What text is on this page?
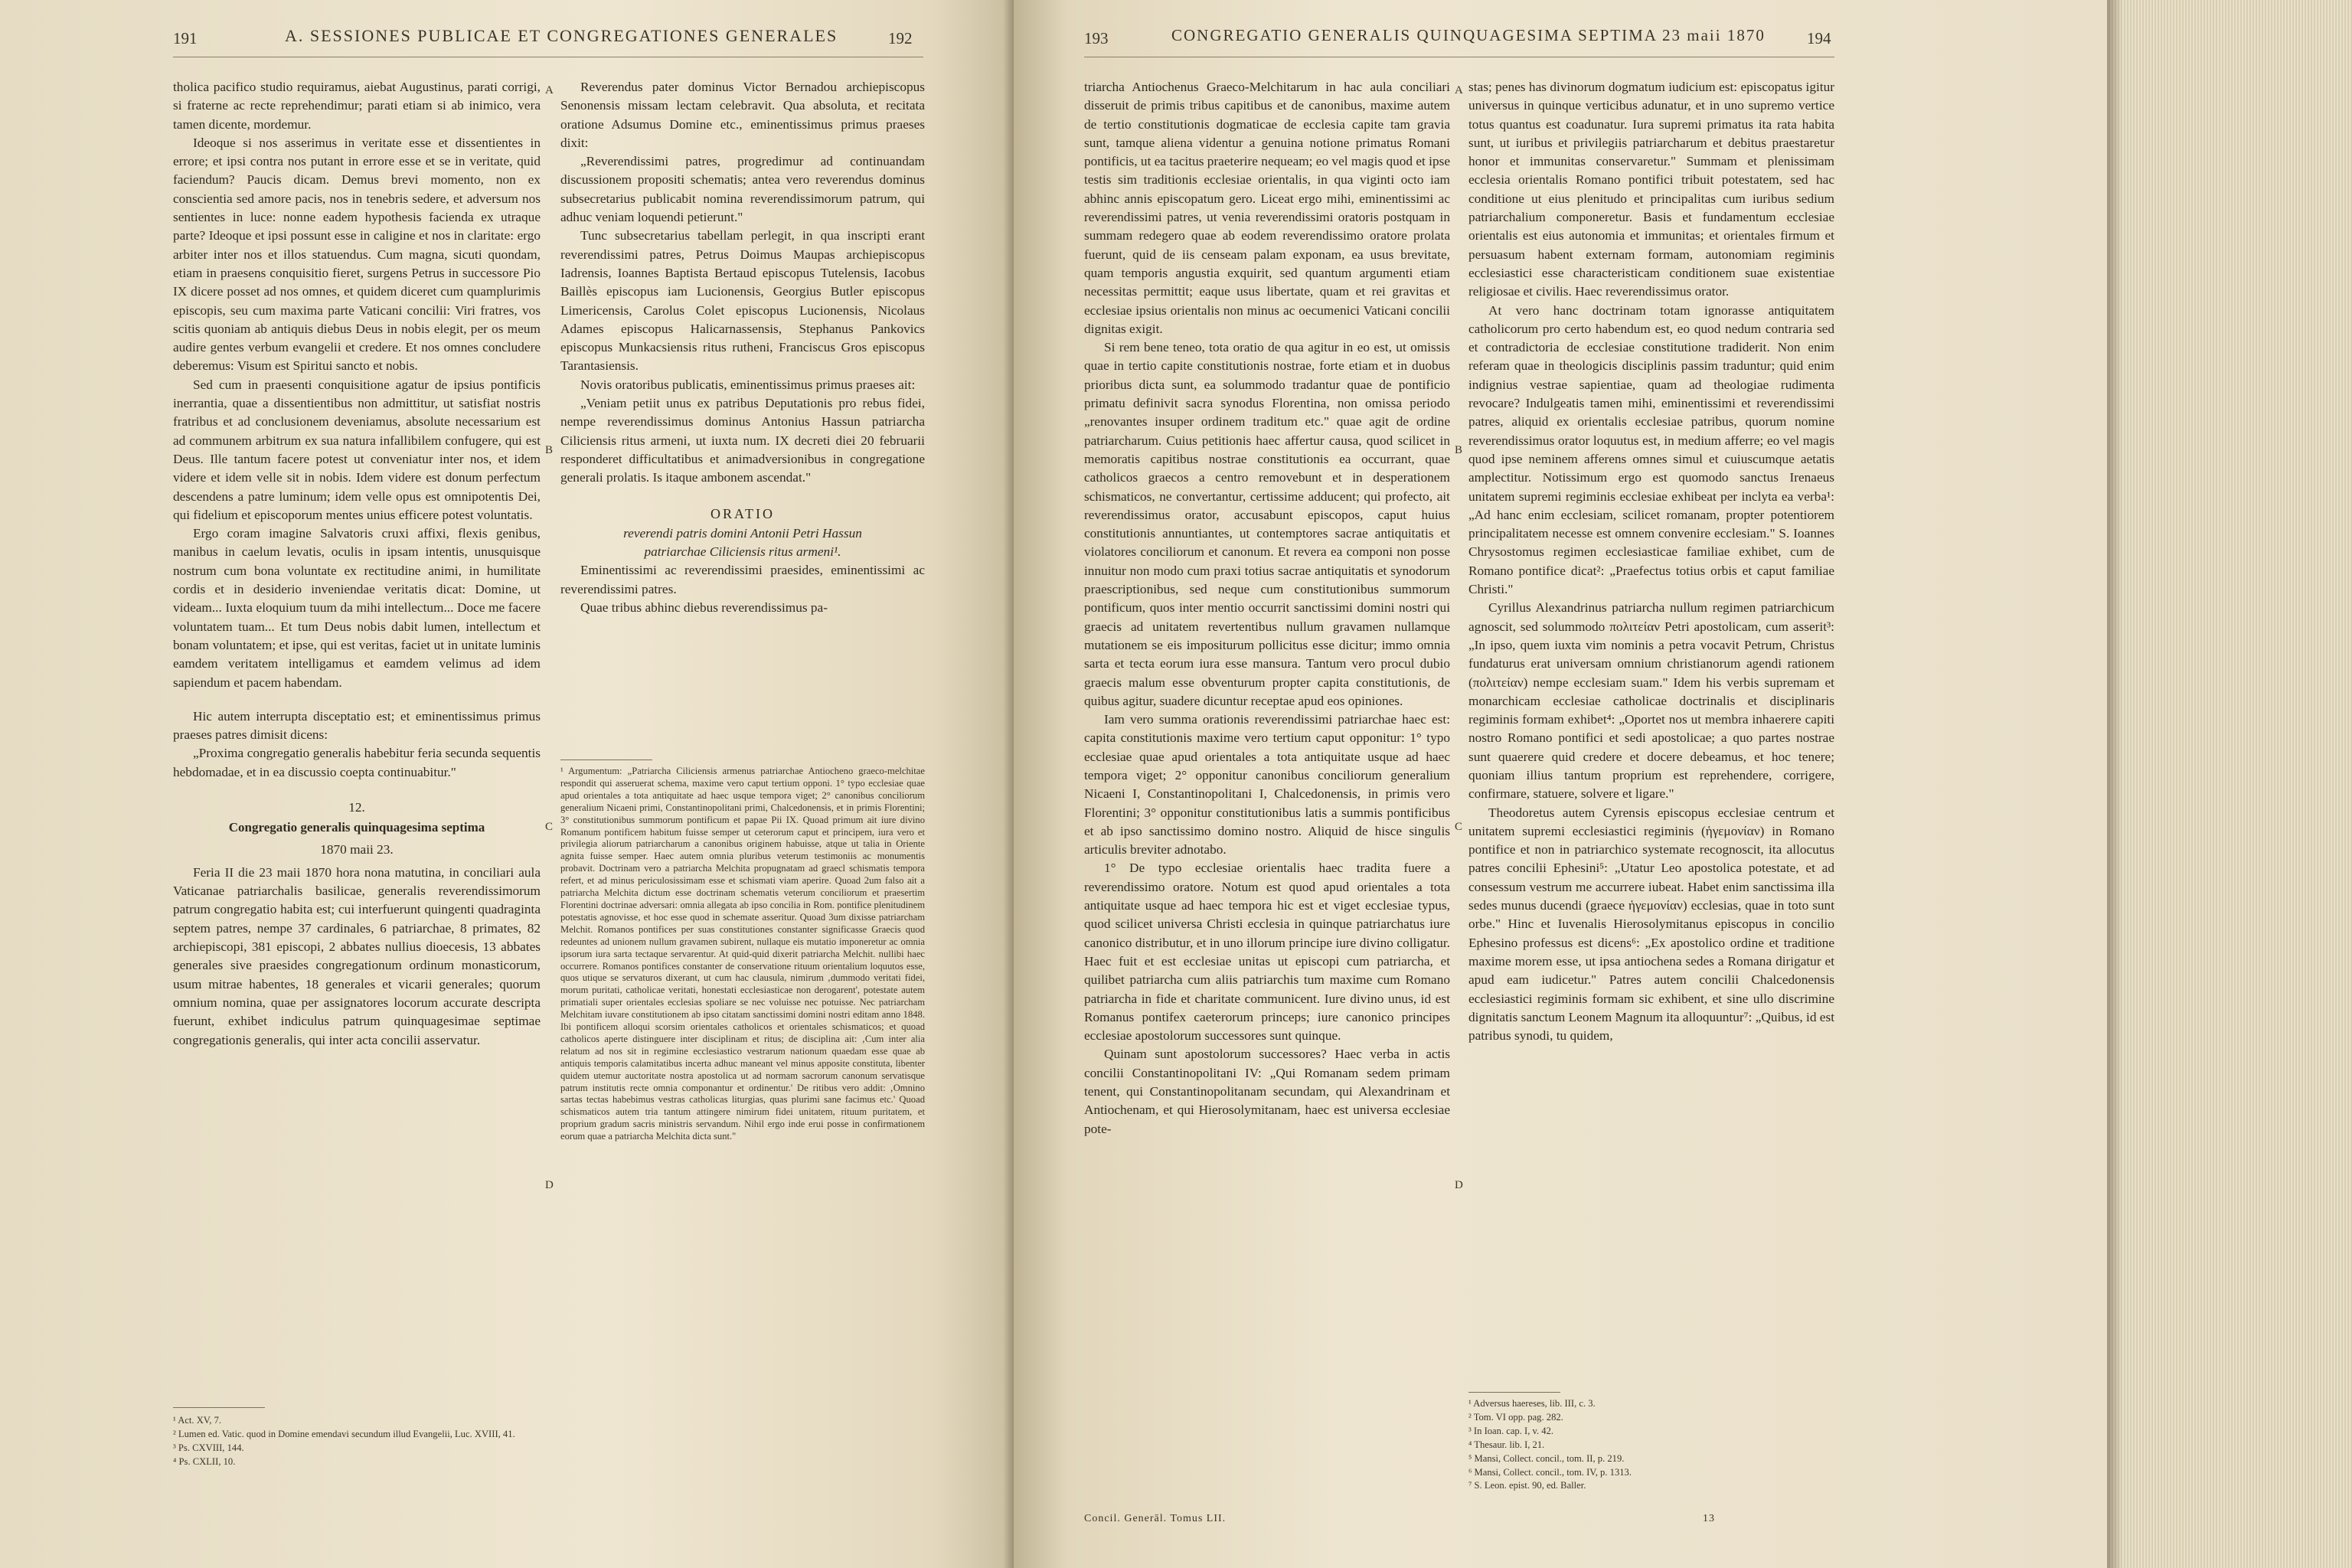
191	A. SESSIONES PUBLICAE ET CONGREGATIONES GENERALES	192

tholica pacifico studio requiramus, aiebat Augustinus, parati corrigi, si fraterne ac recte reprehendimur; parati etiam si ab inimico, vera tamen dicente, mordemur.

Ideoque si nos asserimus in veritate esse et dissentientes in errore; et ipsi contra nos putant in errore esse et se in veritate, quid faciendum? Paucis dicam. Demus brevi momento, non ex conscientia sed amore pacis, nos in tenebris sedere, et adversum nos sentientes in luce: nonne eadem hypothesis facienda ex utraque parte? Ideoque et ipsi possunt esse in caligine et nos in claritate: ergo arbiter inter nos et illos statuendus. Cum magna, sicuti quondam, etiam in praesens conquisitio fieret, surgens Petrus in successore Pio IX dicere posset ad nos omnes, et quidem diceret cum quamplurimis episcopis, seu cum maxima parte Vaticani concilii: Viri fratres, vos scitis quoniam ab antiquis diebus Deus in nobis elegit, per os meum audire gentes verbum evangelii et credere. Et nos omnes concludere deberemus: Visum est Spiritui sancto et nobis.

Sed cum in praesenti conquisitione agatur de ipsius pontificis inerrantia, quae a dissentientibus non admittitur, ut satisfiat nostris fratribus et ad conclusionem deveniamus, absolute necessarium est ad communem arbitrum ex sua natura infallibilem confugere, qui est Deus. Ille tantum facere potest ut conveniatur inter nos, et idem videre et idem velle sit in nobis. Idem videre est donum perfectum descendens a patre luminum; idem velle opus est omnipotentis Dei, qui fidelium et episcoporum mentes unius efficere potest voluntatis.

Ergo coram imagine Salvatoris cruxi affixi, flexis genibus, manibus in caelum levatis, oculis in ipsam intentis, unusquisque nostrum cum bona voluntate ex rectitudine animi, in humilitate cordis et in desiderio inveniendae veritatis dicat: Domine, ut videam... Iuxta eloquium tuum da mihi intellectum... Doce me facere voluntatem tuam... Et tum Deus nobis dabit lumen, intellectum et bonam voluntatem; et ipse, qui est veritas, faciet ut in unitate luminis eamdem veritatem intelligamus et eamdem velimus ad idem sapiendum et pacem habendam.

Hic autem interrupta disceptatio est; et eminentissimus primus praeses patres dimisit dicens:

„Proxima congregatio generalis habebitur feria secunda sequentis hebdomadae, et in ea discussio coepta continuabitur."

12.

Congregatio generalis quinquagesima septima

1870 maii 23.

Feria II die 23 maii 1870 hora nona matutina, in conciliari aula Vaticanae patriarchalis basilicae, generalis reverendissimorum patrum congregatio habita est; cui interfuerunt quingenti quadraginta septem patres, nempe 37 cardinales, 6 patriarchae, 8 primates, 82 archiepiscopi, 381 episcopi, 2 abbates nullius dioecesis, 13 abbates generales sive praesides congregationum ordinum monasticorum, usum mitrae habentes, 18 generales et vicarii generales; quorum omnium nomina, quae per assignatores locorum accurate descripta fuerunt, exhibet indiculus patrum quinquagesimae septimae congregationis generalis, qui inter acta concilii asservatur.

¹ Act. XV, 7.

² Lumen ed. Vatic. quod in Domine emendavi secundum illud Evangelii, Luc. XVIII, 41.

³ Ps. CXVIII, 144.

⁴ Ps. CXLII, 10.

A
B
C
D

Reverendus pater dominus Victor Bernadou archiepiscopus Senonensis missam lectam celebravit. Qua absoluta, et recitata oratione Adsumus Domine etc., eminentissimus primus praeses dixit:

„Reverendissimi patres, progredimur ad continuandam discussionem propositi schematis; antea vero reverendus dominus subsecretarius publicabit nomina reverendissimorum patrum, qui adhuc veniam loquendi petierunt."

Tunc subsecretarius tabellam perlegit, in qua inscripti erant reverendissimi patres, Petrus Doimus Maupas archiepiscopus Iadrensis, Ioannes Baptista Bertaud episcopus Tutelensis, Iacobus Baillès episcopus iam Lucionensis, Georgius Butler episcopus Limericensis, Carolus Colet episcopus Lucionensis, Nicolaus Adames episcopus Halicarnassensis, Stephanus Pankovics episcopus Munkacsiensis ritus rutheni, Franciscus Gros episcopus Tarantasiensis.

Novis oratoribus publicatis, eminentissimus primus praeses ait:

„Veniam petiit unus ex patribus Deputationis pro rebus fidei, nempe reverendissimus dominus Antonius Hassun patriarcha Ciliciensis ritus armeni, ut iuxta num. IX decreti diei 20 februarii responderet difficultatibus et animadversionibus in congregatione generali prolatis. Is itaque ambonem ascendat."

ORATIO

reverendi patris domini Antonii Petri Hassun

patriarchae Ciliciensis ritus armeni¹.

Eminentissimi ac reverendissimi praesides, eminentissimi ac reverendissimi patres.

Quae tribus abhinc diebus reverendissimus pa-

¹ Argumentum: „Patriarcha Ciliciensis armenus patriarchae Antiocheno graeco-melchitae respondit qui asseruerat schema, maxime vero caput tertium opponi. 1° typo ecclesiae quae apud orientales a tota antiquitate ad haec usque tempora viget; 2° canonibus conciliorum generalium Nicaeni primi, Constantinopolitani primi, Chalcedonensis, et in primis Florentini; 3° constitutionibus summorum pontificum et papae Pii IX. Quoad primum ait iure divino Romanum pontificem habitum fuisse semper ut ceterorum caput et principem, iura vero et privilegia aliorum patriarcharum a canonibus originem habuisse, atque ut talia in Oriente agnita fuisse semper. Haec autem omnia pluribus veterum testimoniis ac monumentis probavit. Doctrinam vero a patriarcha Melchita propugnatam ad graecl schismatis tempora refert, et ad minus periculosissimam esse et schismati viam aperire. Quoad 2um falso ait a patriarcha Melchita dictum esse doctrinam schematis veterum conciliorum et praesertim Florentini doctrinae adversari: omnia allegata ab ipso concilia in Rom. pontifice plenitudinem potestatis agnovisse, et hoc esse quod in schemate asseritur. Quoad 3um dixisse patriarcham Melchit. Romanos pontifices per suas constitutiones constanter significasse Graecis quod redeuntes ad unionem nullum gravamen subirent, nullaque eis mutatio imponeretur ac omnia ipsorum iura sarta tectaque servarentur. At quid-quid dixerit patriarcha Melchit. nullibi haec occurrere. Romanos pontifices constanter de conservatione rituum orientalium loquutos esse, quos utique se servaturos dixerant, ut cum hac clausula, nimirum ‚dummodo veritati fidei, morum puritati, catholicae veritati, honestati ecclesiasticae non derogarent', potestate autem primatiali super orientales ecclesias spoliare se nec voluisse nec potuisse. Nec patriarcham Melchitam iuvare constitutionem ab ipso citatam sanctissimi domini nostri editam anno 1848. Ibi pontificem alloqui scorsim orientales catholicos et orientales schismaticos; et quoad catholicos aperte distinguere inter disciplinam et ritus; de disciplina ait: ‚Cum inter alia relatum ad nos sit in regimine ecclesiastico vestrarum nationum quaedam esse quae ab antiquis temporis calamitatibus incerta adhuc maneant vel minus apposite constituta, libenter quidem utemur auctoritate nostra apostolica ut ad normam sacrorum canonum servatisque patrum institutis recte omnia componantur et ordinentur.' De ritibus vero addit: ‚Omnino sartas tectas habebimus vestras catholicas liturgias, quas plurimi sane facimus etc.' Quoad schismaticos autem tria tantum attingere nimirum fidei unitatem, rituum puritatem, et proprium gradum sacris ministris servandum. Nihil ergo inde erui posse in confirmationem eorum quae a patriarcha Melchita dicta sunt."

193	CONGREGATIO GENERALIS QUINQUAGESIMA SEPTIMA 23 maii 1870	194

triarcha Antiochenus Graeco-Melchitarum in hac aula conciliari disseruit de primis tribus capitibus et de canonibus, maxime autem de tertio constitutionis dogmaticae de ecclesia capite tam gravia sunt, tamque aliena videntur a genuina notione primatus Romani pontificis, ut ea tacitus praeterire nequeam; eo vel magis quod et ipse testis sim traditionis ecclesiae orientalis, in qua viginti octo iam abhinc annis episcopatum gero. Liceat ergo mihi, eminentissimi ac reverendissimi patres, ut venia reverendissimi oratoris postquam in summam redegero quae ab eodem reverendissimo oratore prolata fuerunt, quid de iis censeam palam exponam, ea usus brevitate, quam temporis angustia exquirit, sed quantum argumenti etiam necessitas permittit; eaque usus libertate, quam et rei gravitas et ecclesiae ipsius orientalis non minus ac oecumenici Vaticani concilii dignitas exigit.

Si rem bene teneo, tota oratio de qua agitur in eo est, ut omissis quae in tertio capite constitutionis nostrae, forte etiam et in duobus prioribus dicta sunt, ea solummodo tradantur quae de pontificio primatu definivit sacra synodus Florentina, non omissa periodo „renovantes insuper ordinem traditum etc." quae agit de ordine patriarcharum. Cuius petitionis haec affertur causa, quod scilicet in memoratis capitibus nostrae constitutionis ea occurrant, quae catholicos graecos a centro removebunt et in desperationem schismaticos, ne convertantur, certissime adducent; qui profecto, ait reverendissimus orator, accusabunt episcopos, caput huius constitutionis annuntiantes, ut contemptores sacrae antiquitatis et violatores conciliorum et canonum. Et revera ea componi non posse innuitur non modo cum praxi totius sacrae antiquitatis et synodorum praescriptionibus, sed neque cum constitutionibus summorum pontificum, quos inter mentio occurrit sanctissimi domini nostri qui graecis ad unitatem revertentibus nullum gravamen nullamque mutationem se eis impositurum pollicitus esse dicitur; immo omnia sarta et tecta eorum iura esse mansura. Tantum vero procul dubio graecis malum esse obventurum propter capita constitutionis, de quibus agitur, suadere dicuntur receptae apud eos opiniones.

Iam vero summa orationis reverendissimi patriarchae haec est: capita constitutionis maxime vero tertium caput opponitur: 1° typo ecclesiae quae apud orientales a tota antiquitate usque ad haec tempora viget; 2° opponitur canonibus conciliorum generalium Nicaeni I, Constantinopolitani I, Chalcedonensis, in primis vero Florentini; 3° opponitur constitutionibus latis a summis pontificibus et ab ipso sanctissimo domino nostro. Aliquid de hisce singulis articulis breviter adnotabo.

1° De typo ecclesiae orientalis haec tradita fuere a reverendissimo oratore. Notum est quod apud orientales a tota antiquitate usque ad haec tempora hic est et viget ecclesiae typus, quod scilicet universa Christi ecclesia in quinque patriarchatus iure canonico distributur, et in uno illorum principe iure divino colligatur. Haec fuit et est ecclesiae unitas ut episcopi cum patriarcha, et quilibet patriarcha cum aliis patriarchis tum maxime cum Romano patriarcha in fide et charitate communicent. Iure divino unus, id est Romanus pontifex caeterorum princeps; iure canonico principes ecclesiae apostolorum successores sunt quinque.

Quinam sunt apostolorum successores? Haec verba in actis concilii Constantinopolitani IV: „Qui Romanam sedem primam tenent, qui Constantinopolitanam secundam, qui Alexandrinam et Antiochenam, et qui Hierosolymitanam, haec est universa ecclesiae pote-

A
B
C
D

stas; penes has divinorum dogmatum iudicium est: episcopatus igitur universus in quinque verticibus adunatur, et in uno supremo vertice totus quantus est coadunatur. Iura supremi primatus ita rata habita sunt, ut iuribus et privilegiis patriarcharum et debitus praestaretur honor et immunitas conservaretur." Summam et plenissimam ecclesia orientalis Romano pontifici tribuit potestatem, sed hac conditione ut eius plenitudo et principalitas cum iuribus sedium patriarchalium componeretur. Basis et fundamentum ecclesiae orientalis est eius autonomia et immunitas; et orientales firmum et persuasum habent externam formam, autonomiam regiminis ecclesiastici esse characteristicam conditionem suae existentiae religiosae et civilis. Haec reverendissimus orator.

At vero hanc doctrinam totam ignorasse antiquitatem catholicorum pro certo habendum est, eo quod nedum contraria sed et contradictoria de ecclesiae constitutione tradiderit. Non enim referam quae in theologicis disciplinis passim traduntur; quid enim indignius vestrae sapientiae, quam ad theologiae rudimenta revocare? Indulgeatis tamen mihi, eminentissimi et reverendissimi patres, aliquid ex orientalis ecclesiae patribus, quorum nomine reverendissimus orator loquutus est, in medium afferre; eo vel magis quod ipse neminem afferens omnes simul et cuiuscumque aetatis amplectitur. Notissimum ergo est quomodo sanctus Irenaeus unitatem supremi regiminis ecclesiae exhibeat per inclyta ea verba¹: „Ad hanc enim ecclesiam, scilicet romanam, propter potentiorem principalitatem necesse est omnem convenire ecclesiam." S. Ioannes Chrysostomus regimen ecclesiasticae familiae exhibet, cum de Romano pontifice dicat²: „Praefectus totius orbis et caput familiae Christi."

Cyrillus Alexandrinus patriarcha nullum regimen patriarchicum agnoscit, sed solummodo πολιτείαν Petri apostolicam, cum asserit³: „In ipso, quem iuxta vim nominis a petra vocavit Petrum, Christus fundaturus erat universam omnium christianorum agendi rationem (πολιτείαν) nempe ecclesiam suam." Idem his verbis supremam et monarchicam ecclesiae catholicae doctrinalis et disciplinaris regiminis formam exhibet⁴: „Oportet nos ut membra inhaerere capiti nostro Romano pontifici et sedi apostolicae; a quo partes nostrae sunt quaerere quid credere et docere debeamus, et hoc tenere; quoniam illius tantum proprium est reprehendere, corrigere, confirmare, statuere, solvere et ligare."

Theodoretus autem Cyrensis episcopus ecclesiae centrum et unitatem supremi ecclesiastici regiminis (ἡγεμονίαν) in Romano pontifice et non in patriarchico systemate recognoscit, ita allocutus patres concilii Ephesini⁵: „Utatur Leo apostolica potestate, et ad consessum vestrum me accurrere iubeat. Habet enim sanctissima illa sedes munus ducendi (graece ἡγεμονίαν) ecclesias, quae in toto sunt orbe." Hinc et Iuvenalis Hierosolymitanus episcopus in concilio Ephesino professus est dicens⁶: „Ex apostolico ordine et traditione maxime morem esse, ut ipsa antiochena sedes a Romana dirigatur et apud eam iudicetur." Patres autem concilii Chalcedonensis ecclesiastici regiminis formam sic exhibent, et sine ullo discrimine dignitatis sanctum Leonem Magnum ita alloquuntur⁷: „Quibus, id est patribus synodi, tu quidem,

¹ Adversus haereses, lib. III, c. 3.

² Tom. VI opp. pag. 282.

³ In Ioan. cap. I, v. 42.

⁴ Thesaur. lib. I, 21.

⁵ Mansi, Collect. concil., tom. II, p. 219.

⁶ Mansi, Collect. concil., tom. IV, p. 1313.

⁷ S. Leon. epist. 90, ed. Baller.

Concil. Generāl. Tomus LII.	13
